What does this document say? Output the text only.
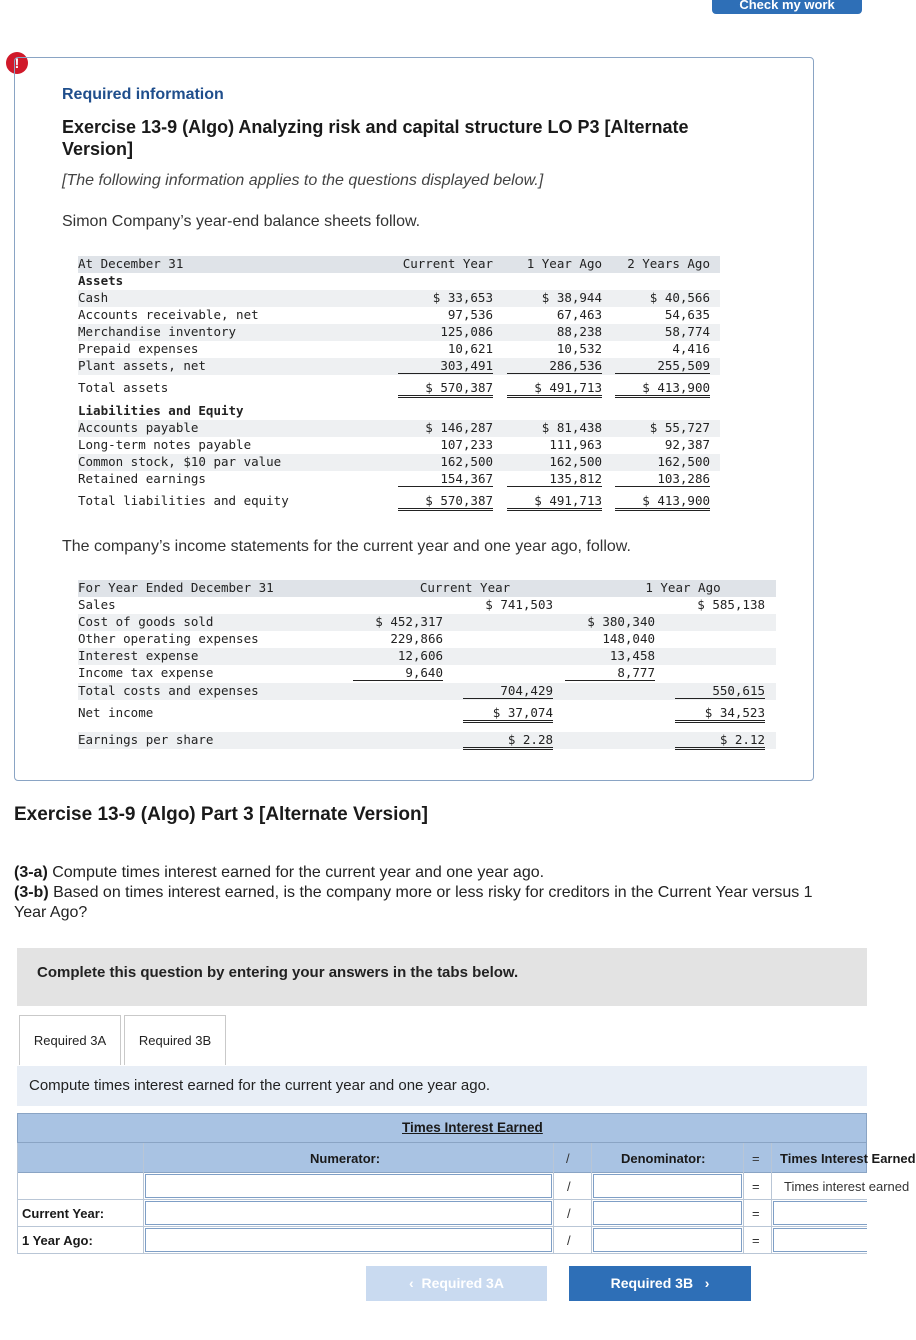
Check my work
!
Required information
Exercise 13-9 (Algo) Analyzing risk and capital structure LO P3 [Alternate Version]
[The following information applies to the questions displayed below.]
Simon Company’s year-end balance sheets follow.
At December 31	Current Year	1 Year Ago	2 Years Ago
Assets
Cash	$ 33,653	$ 38,944	$ 40,566
Accounts receivable, net	97,536	67,463	54,635
Merchandise inventory	125,086	88,238	58,774
Prepaid expenses	10,621	10,532	4,416
Plant assets, net	303,491	286,536	255,509
Total assets	$ 570,387	$ 491,713	$ 413,900
Liabilities and Equity
Accounts payable	$ 146,287	$ 81,438	$ 55,727
Long-term notes payable	107,233	111,963	92,387
Common stock, $10 par value	162,500	162,500	162,500
Retained earnings	154,367	135,812	103,286
Total liabilities and equity	$ 570,387	$ 491,713	$ 413,900
The company’s income statements for the current year and one year ago, follow.
For Year Ended December 31	Current Year	1 Year Ago
Sales	$ 741,503	$ 585,138
Cost of goods sold	$ 452,317	$ 380,340
Other operating expenses	229,866	148,040
Interest expense	12,606	13,458
Income tax expense	9,640	8,777
Total costs and expenses	704,429	550,615
Net income	$ 37,074	$ 34,523
Earnings per share	$ 2.28	$ 2.12
Exercise 13-9 (Algo) Part 3 [Alternate Version]
(3-a) Compute times interest earned for the current year and one year ago.
(3-b) Based on times interest earned, is the company more or less risky for creditors in the Current Year versus 1 Year Ago?
Complete this question by entering your answers in the tabs below.
Required 3A	Required 3B
Compute times interest earned for the current year and one year ago.
Times Interest Earned
Numerator:	/	Denominator:	= Times Interest Earned
/	= Times interest earned
Current Year:	/	=
1 Year Ago:	/	=
‹ Required 3A	Required 3B ›
